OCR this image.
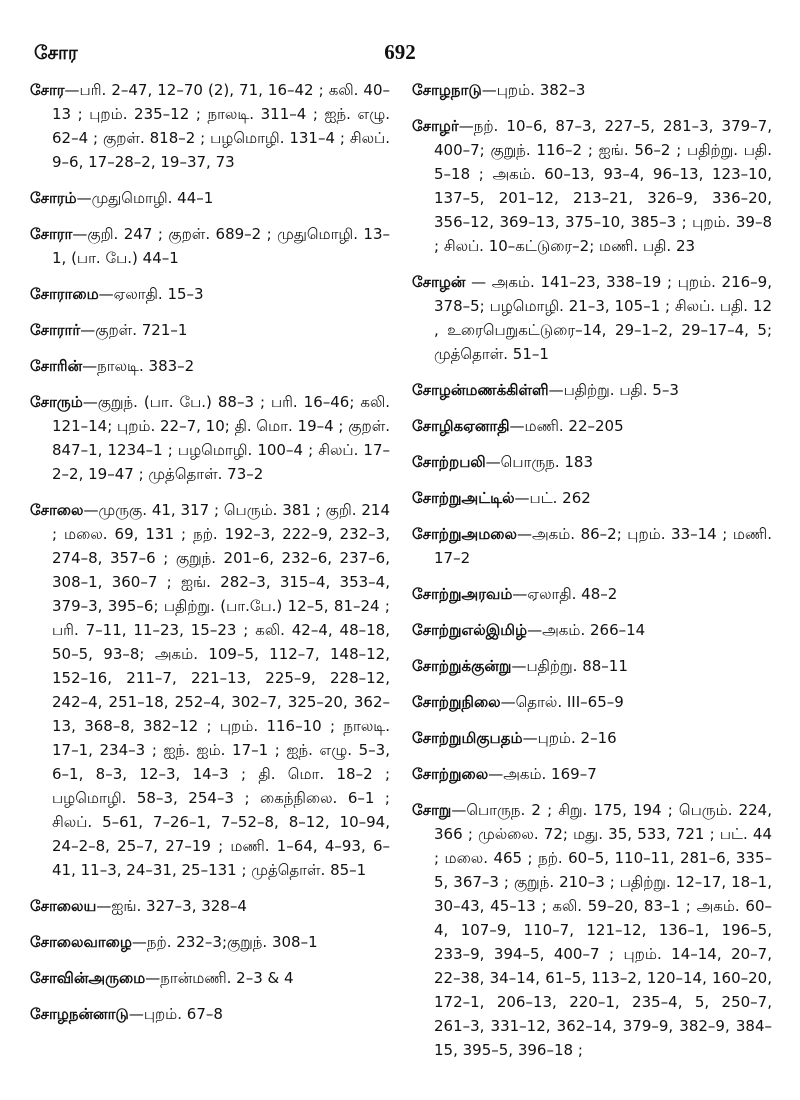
சோர	692

சோர—பரி. 2–47, 12–70 (2), 71, 16–42 ; கலி. 40–13 ; புறம். 235–12 ; நாலடி. 311–4 ; ஐந். எழு. 62–4 ; குறள். 818–2 ; பழமொழி. 131–4 ; சிலப். 9–6, 17–28–2, 19–37, 73

சோரம்—முதுமொழி. 44–1

சோரா—குறி. 247 ; குறள். 689–2 ; முதுமொழி. 13–1, (பா. பே.) 44–1

சோராமை—ஏலாதி. 15–3

சோரார்—குறள். 721–1

சோரின்—நாலடி. 383–2

சோரும்—குறுந். (பா. பே.) 88–3 ; பரி. 16–46; கலி. 121–14; புறம். 22–7, 10; தி. மொ. 19–4 ; குறள். 847–1, 1234–1 ; பழமொழி. 100–4 ; சிலப். 17–2–2, 19–47 ; முத்தொள். 73–2

சோலை—முருகு. 41, 317 ; பெரும். 381 ; குறி. 214 ; மலை. 69, 131 ; நற். 192–3, 222–9, 232–3, 274–8, 357–6 ; குறுந். 201–6, 232–6, 237–6, 308–1, 360–7 ; ஐங். 282–3, 315–4, 353–4, 379–3, 395–6; பதிற்று. (பா.பே.) 12–5, 81–24 ; பரி. 7–11, 11–23, 15–23 ; கலி. 42–4, 48–18, 50–5, 93–8; அகம். 109–5, 112–7, 148–12, 152–16, 211–7, 221–13, 225–9, 228–12, 242–4, 251–18, 252–4, 302–7, 325–20, 362–13, 368–8, 382–12 ; புறம். 116–10 ; நாலடி. 17–1, 234–3 ; ஐந். ஐம். 17–1 ; ஐந். எழு. 5–3, 6–1, 8–3, 12–3, 14–3 ; தி. மொ. 18–2 ; பழமொழி. 58–3, 254–3 ; கைந்நிலை. 6–1 ; சிலப். 5–61, 7–26–1, 7–52–8, 8–12, 10–94, 24–2–8, 25–7, 27–19 ; மணி. 1–64, 4–93, 6–41, 11–3, 24–31, 25–131 ; முத்தொள். 85–1

சோலைய—ஐங். 327–3, 328–4

சோலைவாழை—நற். 232–3;குறுந். 308–1

சோவின்அருமை—நான்மணி. 2–3 & 4

சோழநன்னாடு—புறம். 67–8

சோழநாடு—புறம். 382–3

சோழர்—நற். 10–6, 87–3, 227–5, 281–3, 379–7, 400–7; குறுந். 116–2 ; ஐங். 56–2 ; பதிற்று. பதி. 5–18 ; அகம். 60–13, 93–4, 96–13, 123–10, 137–5, 201–12, 213–21, 326–9, 336–20, 356–12, 369–13, 375–10, 385–3 ; புறம். 39–8 ; சிலப். 10–கட்டுரை–2; மணி. பதி. 23

சோழன் — அகம். 141–23, 338–19 ; புறம். 216–9, 378–5; பழமொழி. 21–3, 105–1 ; சிலப். பதி. 12 , உரைபெறுகட்டுரை–14, 29–1–2, 29–17–4, 5; முத்தொள். 51–1

சோழன்மணக்கிள்ளி—பதிற்று. பதி. 5–3

சோழிகஏனாதி—மணி. 22–205

சோற்றபலி—பொருந. 183

சோற்றுஅட்டில்—பட். 262

சோற்றுஅமலை—அகம். 86–2; புறம். 33–14 ; மணி. 17–2

சோற்றுஅரவம்—ஏலாதி. 48–2

சோற்றுஎல்இமிழ்—அகம். 266–14

சோற்றுக்குன்று—பதிற்று. 88–11

சோற்றுநிலை—தொல். III–65–9

சோற்றுமிகுபதம்—புறம். 2–16

சோற்றுலை—அகம். 169–7

சோறு—பொருந. 2 ; சிறு. 175, 194 ; பெரும். 224, 366 ; முல்லை. 72; மது. 35, 533, 721 ; பட். 44 ; மலை. 465 ; நற். 60–5, 110–11, 281–6, 335–5, 367–3 ; குறுந். 210–3 ; பதிற்று. 12–17, 18–1, 30–43, 45–13 ; கலி. 59–20, 83–1 ; அகம். 60–4, 107–9, 110–7, 121–12, 136–1, 196–5, 233–9, 394–5, 400–7 ; புறம். 14–14, 20–7, 22–38, 34–14, 61–5, 113–2, 120–14, 160–20, 172–1, 206–13, 220–1, 235–4, 5, 250–7, 261–3, 331–12, 362–14, 379–9, 382–9, 384–15, 395–5, 396–18 ;
